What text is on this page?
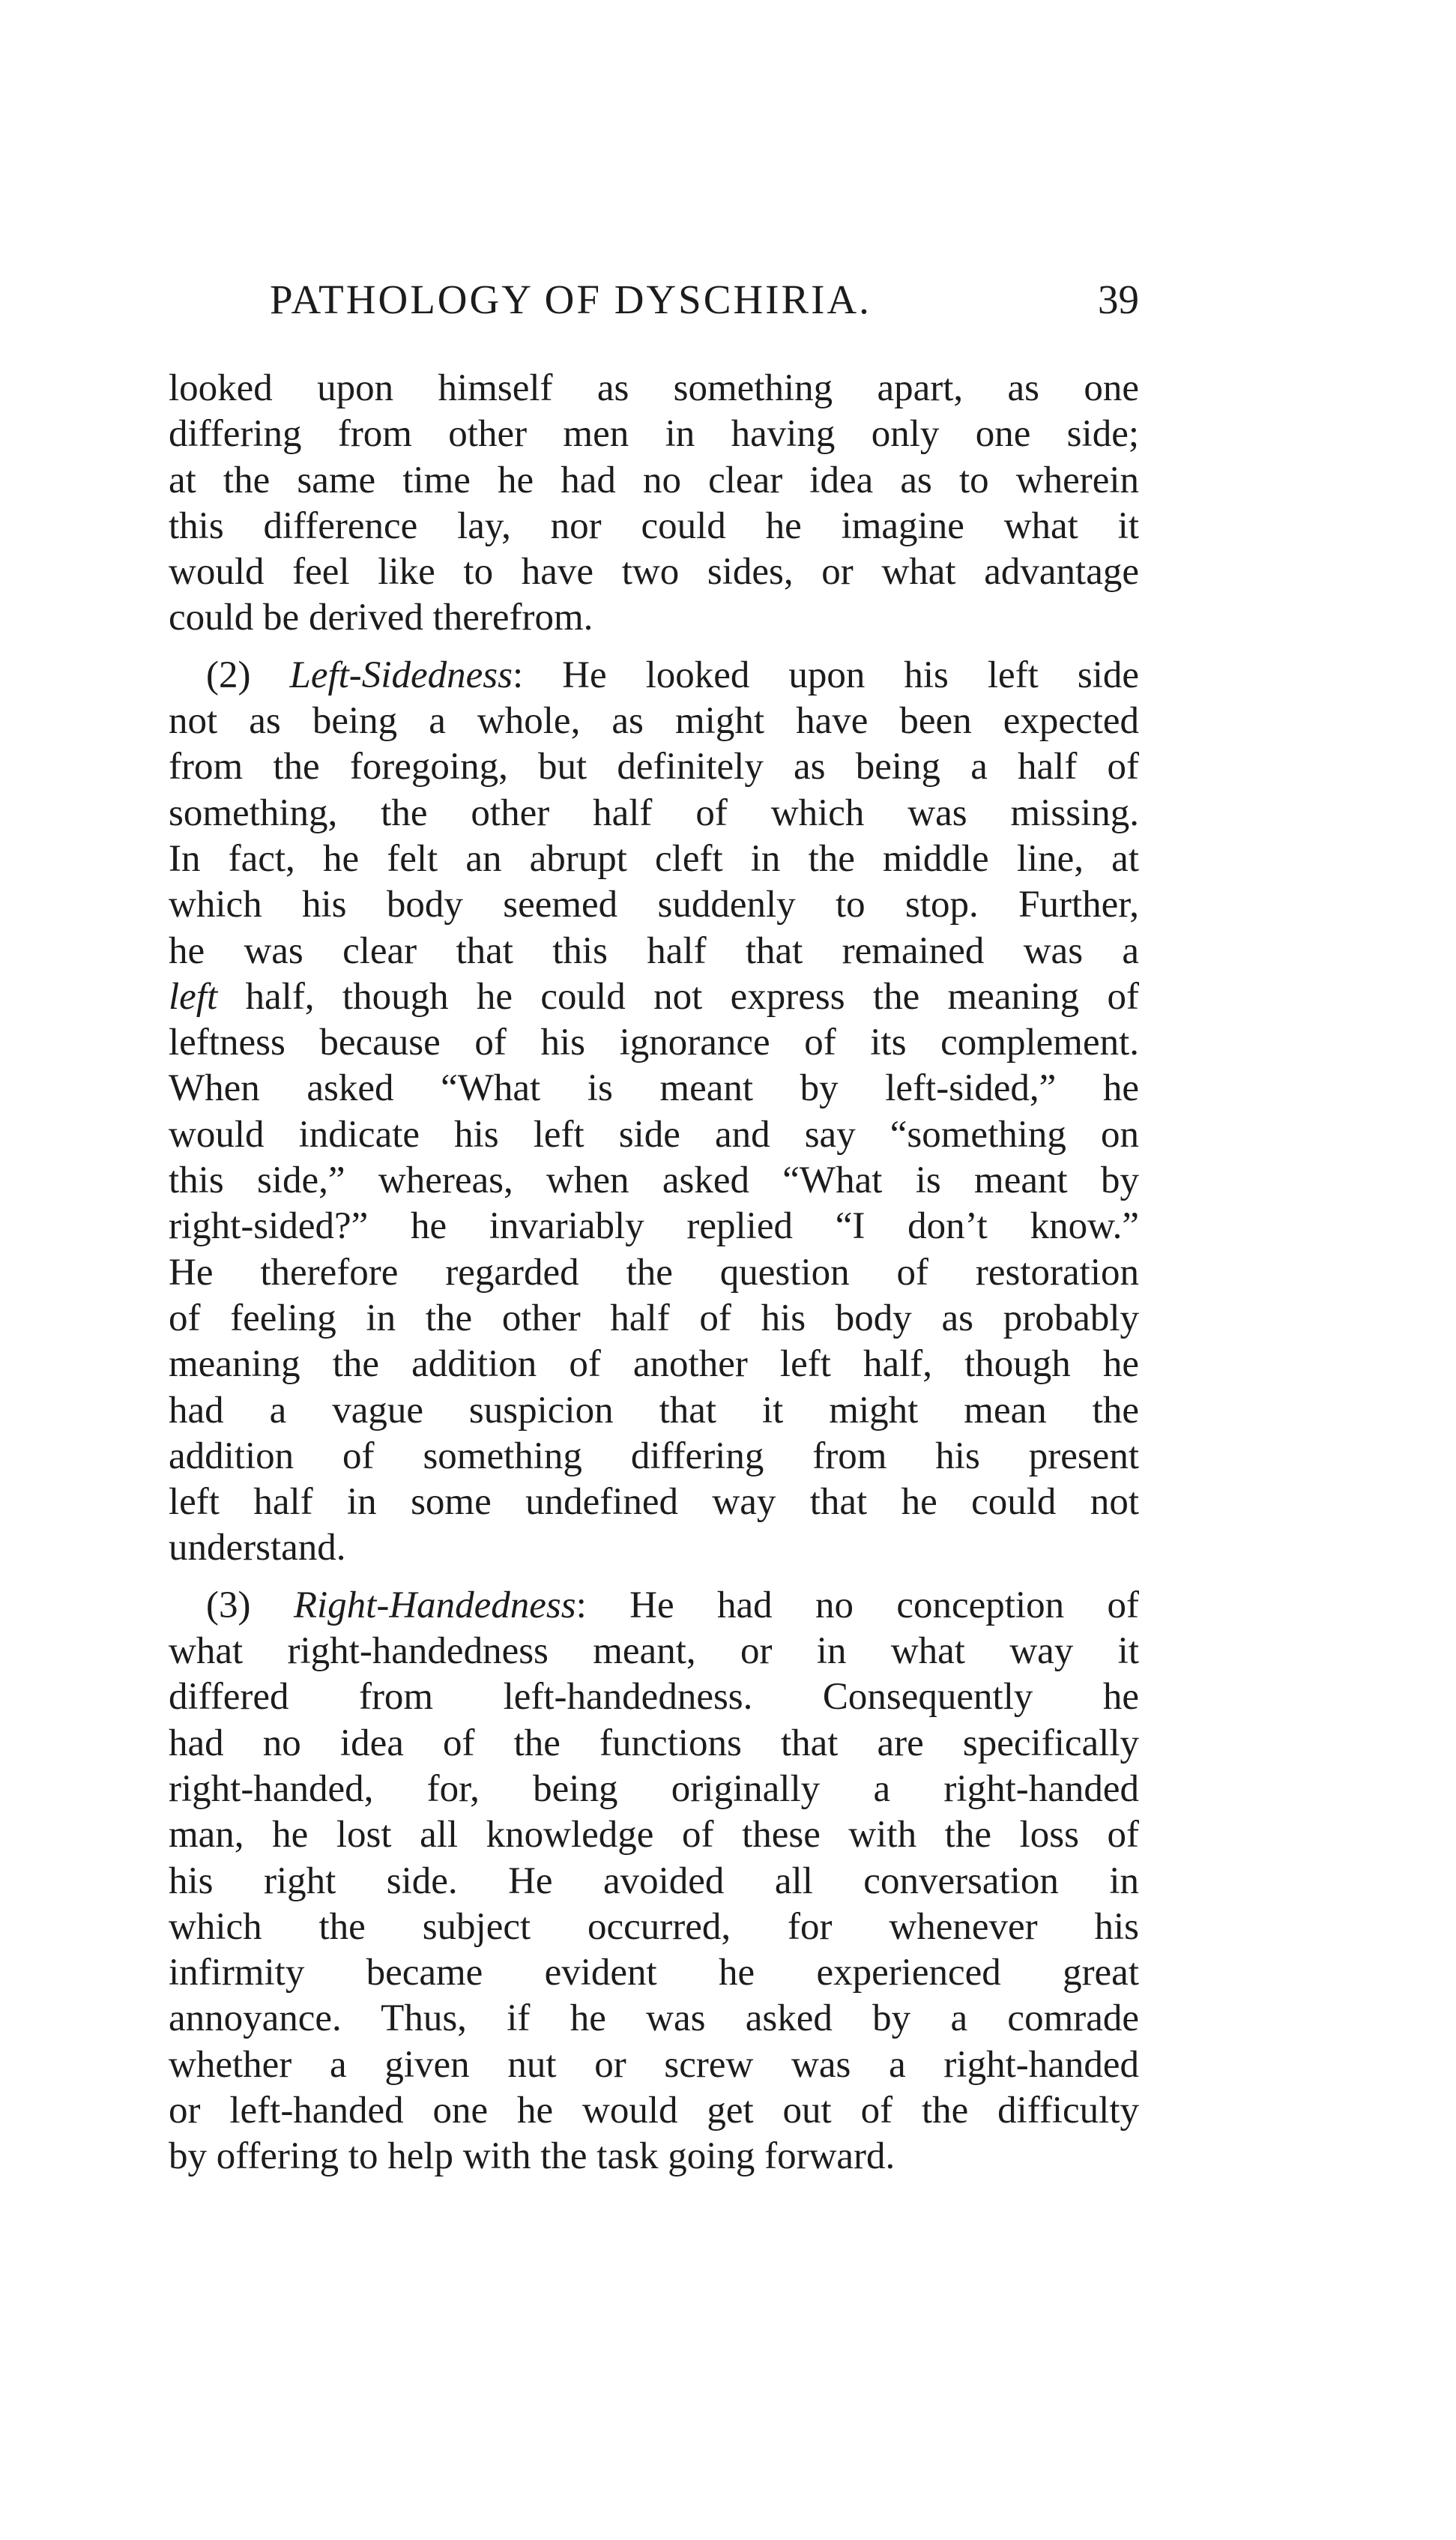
PATHOLOGY OF DYSCHIRIA.	39
looked upon himself as something apart, as one
differing from other men in having only one side;
at the same time he had no clear idea as to wherein
this difference lay, nor could he imagine what it
would feel like to have two sides, or what advantage
could be derived therefrom.
(2) Left-Sidedness: He looked upon his left side
not as being a whole, as might have been expected
from the foregoing, but definitely as being a half of
something, the other half of which was missing.
In fact, he felt an abrupt cleft in the middle line, at
which his body seemed suddenly to stop. Further,
he was clear that this half that remained was a
left half, though he could not express the meaning of
leftness because of his ignorance of its complement.
When asked “What is meant by left-sided,” he
would indicate his left side and say “something on
this side,” whereas, when asked “What is meant by
right-sided?” he invariably replied “I don’t know.”
He therefore regarded the question of restoration
of feeling in the other half of his body as probably
meaning the addition of another left half, though he
had a vague suspicion that it might mean the
addition of something differing from his present
left half in some undefined way that he could not
understand.
(3) Right-Handedness: He had no conception of
what right-handedness meant, or in what way it
differed from left-handedness. Consequently he
had no idea of the functions that are specifically
right-handed, for, being originally a right-handed
man, he lost all knowledge of these with the loss of
his right side. He avoided all conversation in
which the subject occurred, for whenever his
infirmity became evident he experienced great
annoyance. Thus, if he was asked by a comrade
whether a given nut or screw was a right-handed
or left-handed one he would get out of the difficulty
by offering to help with the task going forward.
